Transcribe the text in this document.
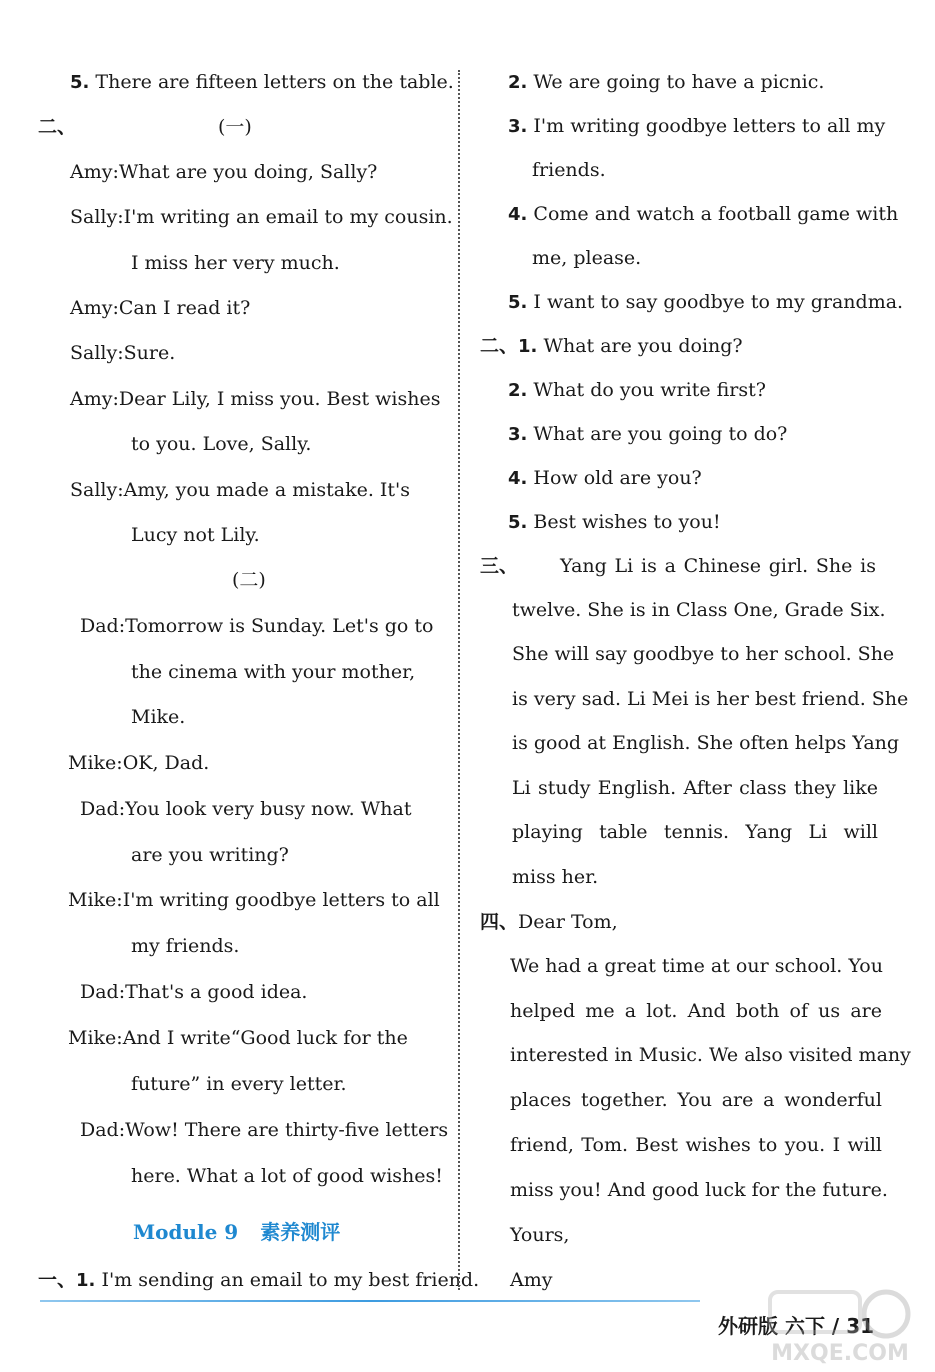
5. There are fifteen letters on the table.
二、	(一)
Amy:What are you doing, Sally?
Sally:I'm writing an email to my cousin.
I miss her very much.
Amy:Can I read it?
Sally:Sure.
Amy:Dear Lily, I miss you. Best wishes
to you. Love, Sally.
Sally:Amy, you made a mistake. It's
Lucy not Lily.
(二)
Dad:Tomorrow is Sunday. Let's go to
the cinema with your mother,
Mike.
Mike:OK, Dad.
Dad:You look very busy now. What
are you writing?
Mike:I'm writing goodbye letters to all
my friends.
Dad:That's a good idea.
Mike:And I write“Good luck for the
future” in every letter.
Dad:Wow! There are thirty-five letters
here. What a lot of good wishes!
Module 9 素养测评
一、1. I'm sending an email to my best friend.
2. We are going to have a picnic.
3. I'm writing goodbye letters to all my
friends.
4. Come and watch a football game with
me, please.
5. I want to say goodbye to my grandma.
二、1. What are you doing?
2. What do you write first?
3. What are you going to do?
4. How old are you?
5. Best wishes to you!
三、 Yang Li is a Chinese girl. She is
twelve. She is in Class One, Grade Six.
She will say goodbye to her school. She
is very sad. Li Mei is her best friend. She
is good at English. She often helps Yang
Li study English. After class they like
playing table tennis. Yang Li will
miss her.
四、Dear Tom,
We had a great time at our school. You
helped me a lot. And both of us are
interested in Music. We also visited many
places together. You are a wonderful
friend, Tom. Best wishes to you. I will
miss you! And good luck for the future.
Yours,
Amy
外研版 六下 / 31
MXQE.COM
